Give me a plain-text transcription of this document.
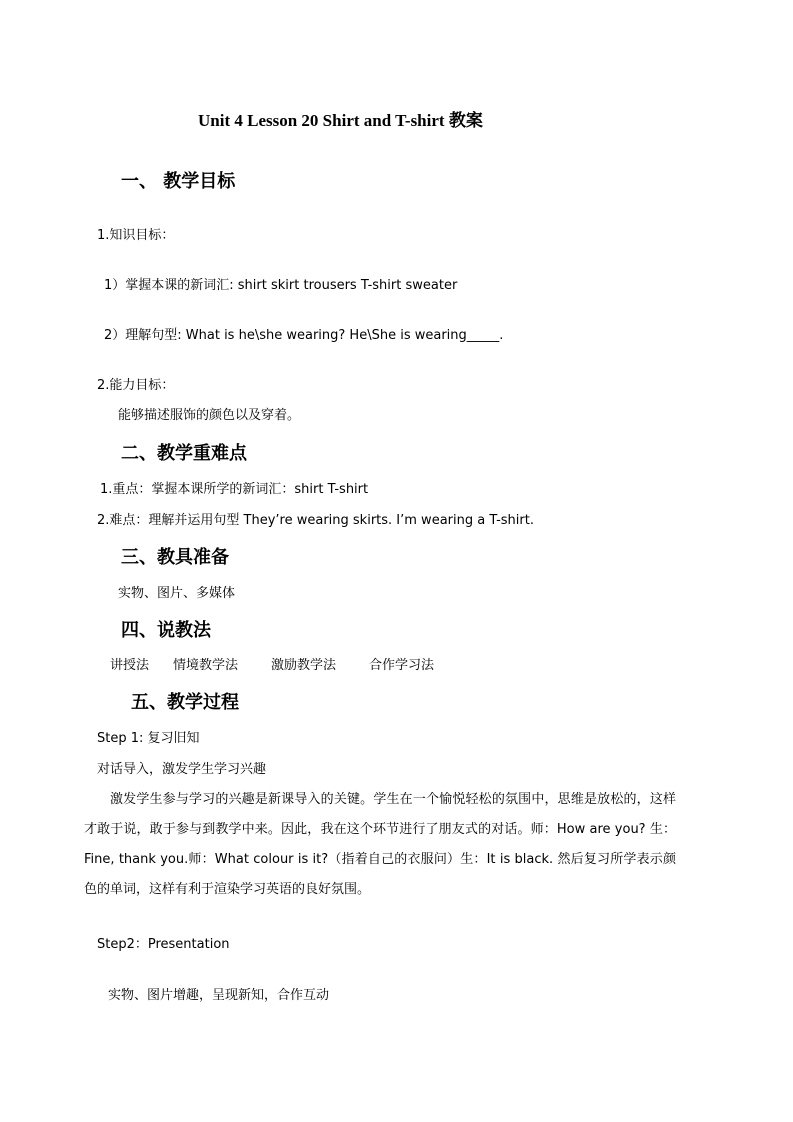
Unit 4 Lesson 20 Shirt and T-shirt 教案
一、 教学目标
1.知识目标：
1）掌握本课的新词汇: shirt skirt trousers T-shirt sweater
2）理解句型: What is he\she wearing? He\She is wearing_____.
2.能力目标：
能够描述服饰的颜色以及穿着。
二、教学重难点
1.重点：掌握本课所学的新词汇：shirt T-shirt
2.难点：理解并运用句型 They’re wearing skirts. I’m wearing a T-shirt.
三、教具准备
实物、图片、多媒体
四、说教法
讲授法 情境教学法	激励教学法	合作学习法
五、教学过程
Step 1: 复习旧知
对话导入，激发学生学习兴趣
激发学生参与学习的兴趣是新课导入的关键。学生在一个愉悦轻松的氛围中，思维是放松的，这样才敢于说，敢于参与到教学中来。因此，我在这个环节进行了朋友式的对话。师：How are you? 生：Fine, thank you.师：What colour is it?（指着自己的衣服问）生：It is black. 然后复习所学表示颜色的单词，这样有利于渲染学习英语的良好氛围。
Step2：Presentation
实物、图片增趣，呈现新知，合作互动
